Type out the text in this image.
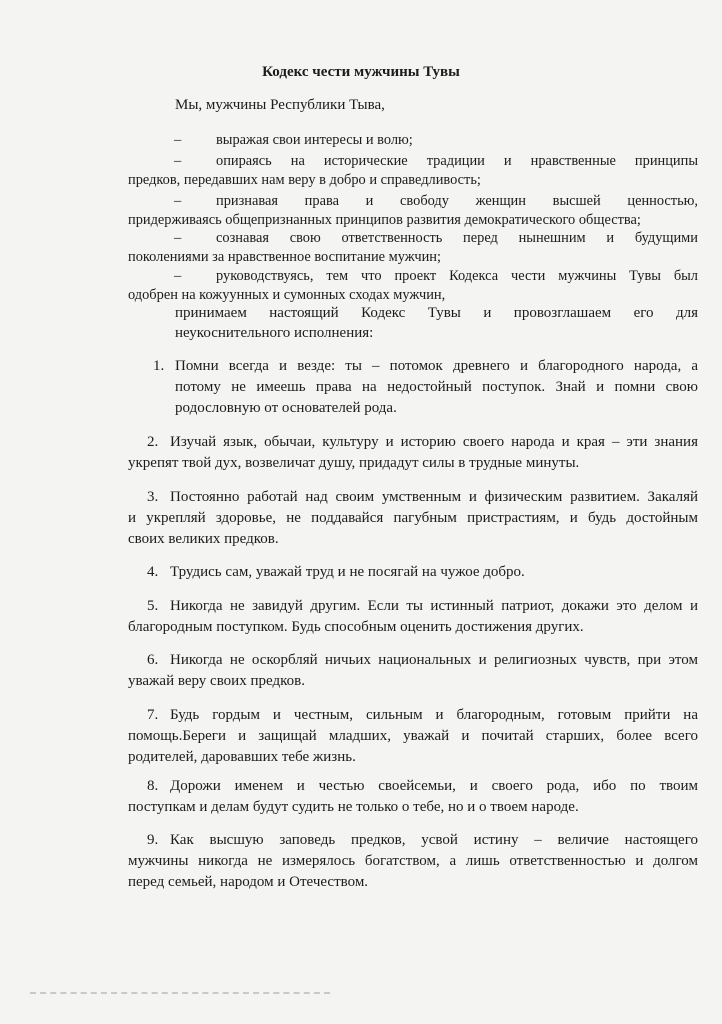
Кодекс чести мужчины Тувы
Мы, мужчины Республики Тыва,
– выражая свои интересы и волю;
– опираясь на исторические традиции и нравственные принципы
предков, передавших нам веру в добро и справедливость;
– признавая права и свободу женщин высшей ценностью,
придерживаясь общепризнанных принципов развития демократического общества;
– сознавая свою ответственность перед нынешним и будущими
поколениями за нравственное воспитание мужчин;
– руководствуясь, тем что проект Кодекса чести мужчины Тувы был
одобрен на кожуунных и сумонных сходах мужчин,
принимаем настоящий Кодекс Тувы и провозглашаем его для
неукоснительного исполнения:
1. Помни всегда и везде: ты – потомок древнего и благородного народа, а
потому не имеешь права на недостойный поступок. Знай и помни свою
родословную от основателей рода.
2. Изучай язык, обычаи, культуру и историю своего народа и края – эти знания
укрепят твой дух, возвеличат душу, придадут силы в трудные минуты.
3. Постоянно работай над своим умственным и физическим развитием. Закаляй
и укрепляй здоровье, не поддавайся пагубным пристрастиям, и будь достойным
своих великих предков.
4. Трудись сам, уважай труд и не посягай на чужое добро.
5. Никогда не завидуй другим. Если ты истинный патриот, докажи это делом и
благородным поступком. Будь способным оценить достижения других.
6. Никогда не оскорбляй ничьих национальных и религиозных чувств, при этом
уважай веру своих предков.
7. Будь гордым и честным, сильным и благородным, готовым прийти на
помощь.Береги и защищай младших, уважай и почитай старших, более всего
родителей, даровавших тебе жизнь.
8. Дорожи именем и честью своейсемьи, и своего рода, ибо по твоим
поступкам и делам будут судить не только о тебе, но и о твоем народе.
9. Как высшую заповедь предков, усвой истину – величие настоящего
мужчины никогда не измерялось богатством, а лишь ответственностью и долгом
перед семьей, народом и Отечеством.
